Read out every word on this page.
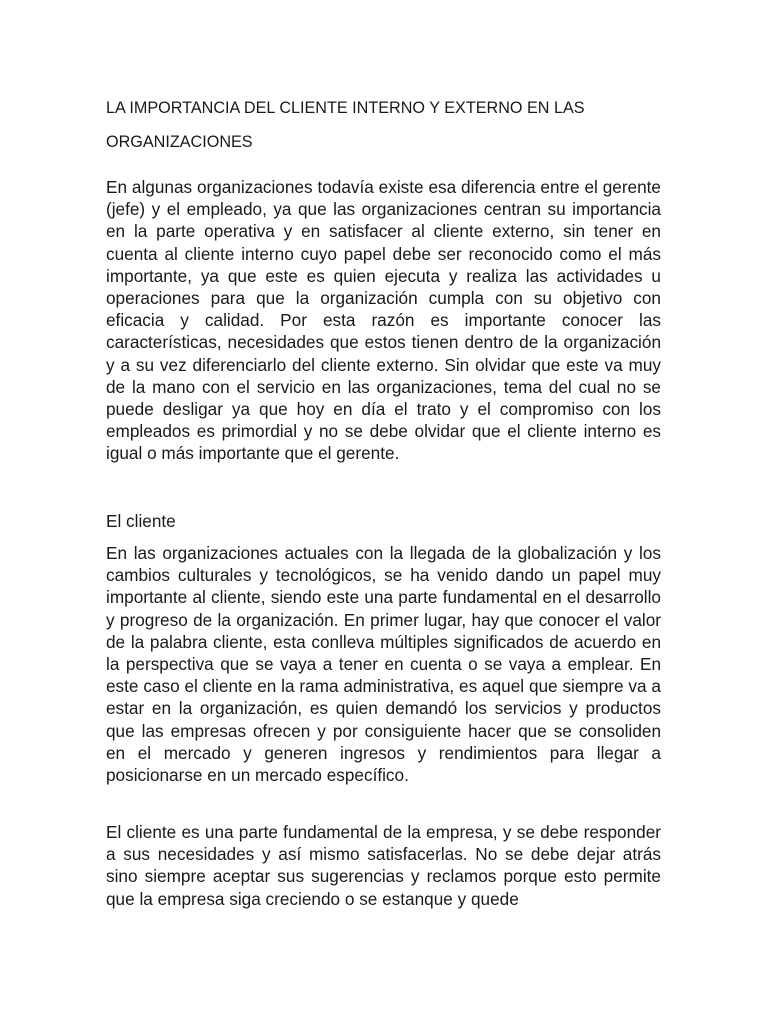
LA IMPORTANCIA DEL CLIENTE INTERNO Y EXTERNO EN LAS
ORGANIZACIONES

En algunas organizaciones todavía existe esa diferencia entre el gerente (jefe) y el empleado, ya que las organizaciones centran su importancia en la parte operativa y en satisfacer al cliente externo, sin tener en cuenta al cliente interno cuyo papel debe ser reconocido como el más importante, ya que este es quien ejecuta y realiza las actividades u operaciones para que la organización cumpla con su objetivo con eficacia y calidad. Por esta razón es importante conocer las características, necesidades que estos tienen dentro de la organización y a su vez diferenciarlo del cliente externo. Sin olvidar que este va muy de la mano con el servicio en las organizaciones, tema del cual no se puede desligar ya que hoy en día el trato y el compromiso con los empleados es primordial y no se debe olvidar que el cliente interno es igual o más importante que el gerente.

El cliente

En las organizaciones actuales con la llegada de la globalización y los cambios culturales y tecnológicos, se ha venido dando un papel muy importante al cliente, siendo este una parte fundamental en el desarrollo y progreso de la organización. En primer lugar, hay que conocer el valor de la palabra cliente, esta conlleva múltiples significados de acuerdo en la perspectiva que se vaya a tener en cuenta o se vaya a emplear. En este caso el cliente en la rama administrativa, es aquel que siempre va a estar en la organización, es quien demandó los servicios y productos que las empresas ofrecen y por consiguiente hacer que se consoliden en el mercado y generen ingresos y rendimientos para llegar a posicionarse en un mercado específico.

El cliente es una parte fundamental de la empresa, y se debe responder a sus necesidades y así mismo satisfacerlas. No se debe dejar atrás sino siempre aceptar sus sugerencias y reclamos porque esto permite que la empresa siga creciendo o se estanque y quede
